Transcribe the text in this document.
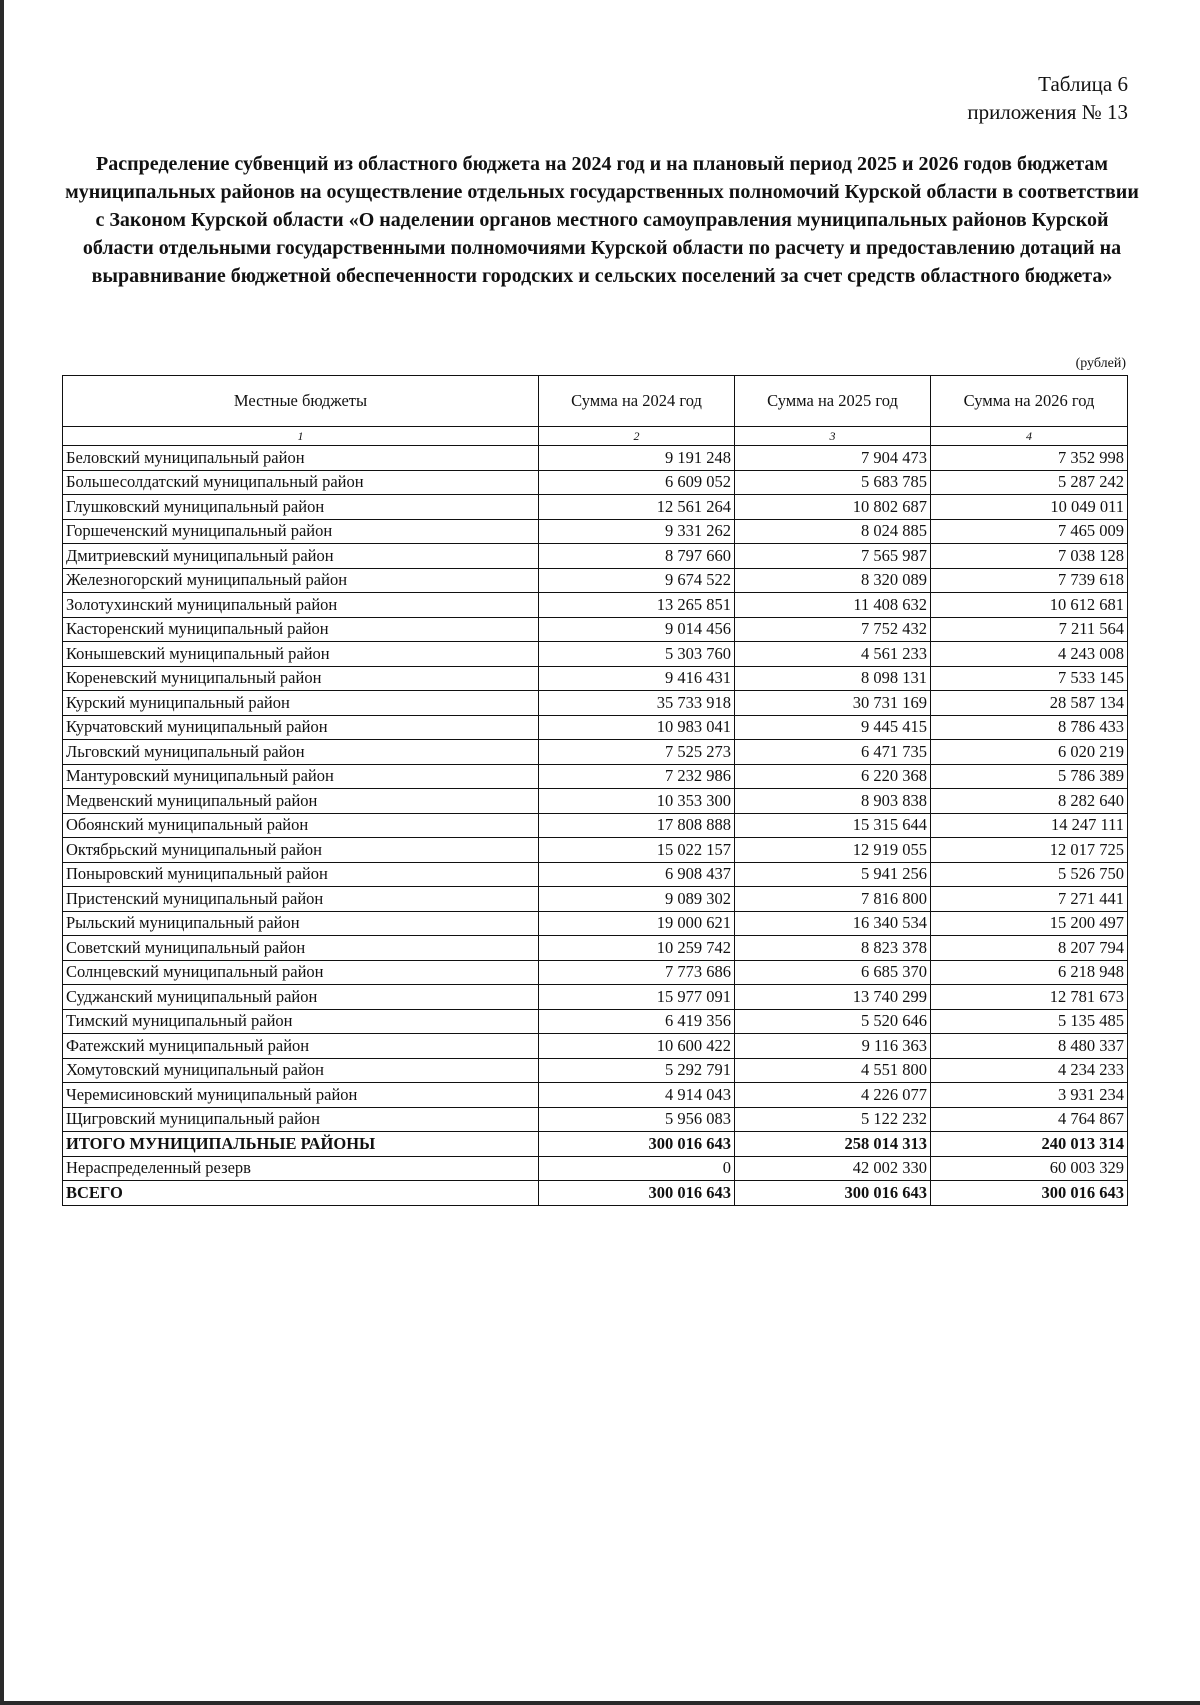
Таблица 6
приложения № 13
Распределение субвенций из областного бюджета на 2024 год и на плановый период 2025 и 2026 годов бюджетам муниципальных районов на осуществление отдельных государственных полномочий Курской области в соответствии с Законом Курской области «О наделении органов местного самоуправления муниципальных районов Курской области отдельными государственными полномочиями Курской области по расчету и предоставлению дотаций на выравнивание бюджетной обеспеченности городских и сельских поселений за счет средств областного бюджета»
(рублей)
Местные бюджеты	Сумма на 2024 год	Сумма на 2025 год	Сумма на 2026 год
1	2	3	4
Беловский муниципальный район	9 191 248	7 904 473	7 352 998
Большесолдатский муниципальный район	6 609 052	5 683 785	5 287 242
Глушковский муниципальный район	12 561 264	10 802 687	10 049 011
Горшеченский муниципальный район	9 331 262	8 024 885	7 465 009
Дмитриевский муниципальный район	8 797 660	7 565 987	7 038 128
Железногорский муниципальный район	9 674 522	8 320 089	7 739 618
Золотухинский муниципальный район	13 265 851	11 408 632	10 612 681
Касторенский муниципальный район	9 014 456	7 752 432	7 211 564
Конышевский муниципальный район	5 303 760	4 561 233	4 243 008
Кореневский муниципальный район	9 416 431	8 098 131	7 533 145
Курский муниципальный район	35 733 918	30 731 169	28 587 134
Курчатовский муниципальный район	10 983 041	9 445 415	8 786 433
Льговский муниципальный район	7 525 273	6 471 735	6 020 219
Мантуровский муниципальный район	7 232 986	6 220 368	5 786 389
Медвенский муниципальный район	10 353 300	8 903 838	8 282 640
Обоянский муниципальный район	17 808 888	15 315 644	14 247 111
Октябрьский муниципальный район	15 022 157	12 919 055	12 017 725
Поныровский муниципальный район	6 908 437	5 941 256	5 526 750
Пристенский муниципальный район	9 089 302	7 816 800	7 271 441
Рыльский муниципальный район	19 000 621	16 340 534	15 200 497
Советский муниципальный район	10 259 742	8 823 378	8 207 794
Солнцевский муниципальный район	7 773 686	6 685 370	6 218 948
Суджанский муниципальный район	15 977 091	13 740 299	12 781 673
Тимский муниципальный район	6 419 356	5 520 646	5 135 485
Фатежский муниципальный район	10 600 422	9 116 363	8 480 337
Хомутовский муниципальный район	5 292 791	4 551 800	4 234 233
Черемисиновский муниципальный район	4 914 043	4 226 077	3 931 234
Щигровский муниципальный район	5 956 083	5 122 232	4 764 867
ИТОГО МУНИЦИПАЛЬНЫЕ РАЙОНЫ	300 016 643	258 014 313	240 013 314
Нераспределенный резерв	0	42 002 330	60 003 329
ВСЕГО	300 016 643	300 016 643	300 016 643
